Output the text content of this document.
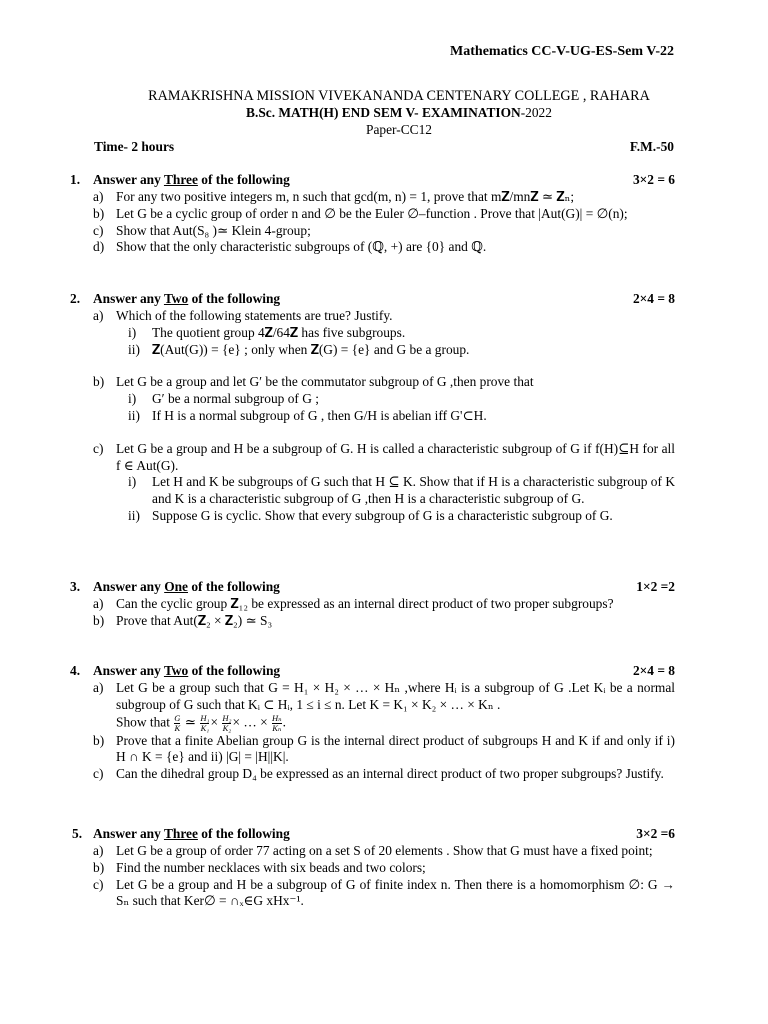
Mathematics CC-V-UG-ES-Sem V-22
RAMAKRISHNA MISSION VIVEKANANDA CENTENARY COLLEGE , RAHARA
B.Sc. MATH(H) END SEM V- EXAMINATION-2022
Paper-CC12
Time- 2 hours	F.M.-50
1. Answer any Three of the following	3×2 = 6
a) For any two positive integers m, n such that gcd(m, n) = 1, prove that m𝐙/mn𝐙 ≃ 𝐙ₙ;
b) Let G be a cyclic group of order n and ∅ be the Euler ∅–function . Prove that |Aut(G)| = ∅(n);
c) Show that Aut(S₈ )≃ Klein 4-group;
d) Show that the only characteristic subgroups of (ℚ, +) are {0} and ℚ.
2. Answer any Two of the following	2×4 = 8
a) Which of the following statements are true? Justify.
i) The quotient group 4𝐙/64𝐙 has five subgroups.
ii) 𝐙(Aut(G)) = {e} ; only when 𝐙(G) = {e} and G be a group.
b) Let G be a group and let G′ be the commutator subgroup of G ,then prove that
i) G′ be a normal subgroup of G ;
ii) If H is a normal subgroup of G , then G/H is abelian iff G'⊂H.
c) Let G be a group and H be a subgroup of G. H is called a characteristic subgroup of G if f(H)⊆H for all f ∈ Aut(G).
i) Let H and K be subgroups of G such that H ⊆ K. Show that if H is a characteristic subgroup of K and K is a characteristic subgroup of G ,then H is a characteristic subgroup of G.
ii) Suppose G is cyclic. Show that every subgroup of G is a characteristic subgroup of G.
3. Answer any One of the following	1×2 =2
a) Can the cyclic group 𝐙₁₂ be expressed as an internal direct product of two proper subgroups?
b) Prove that Aut(𝐙₂ × 𝐙₂) ≃ S₃
4. Answer any Two of the following	2×4 = 8
a) Let G be a group such that G = H₁ × H₂ × … × Hₙ ,where Hᵢ is a subgroup of G .Let Kᵢ be a normal subgroup of G such that Kᵢ ⊂ Hᵢ, 1 ≤ i ≤ n. Let K = K₁ × K₂ × … × Kₙ .
Show that $\frac{G}{K}$ ≃ $\frac{\text{H₁}}{\text{K₁}} \times \frac{\text{H₂}}{\text{K₂}}$ × … × $\frac{\text{Hₙ}}{\text{Kₙ}}$ .
b) Prove that a finite Abelian group G is the internal direct product of subgroups H and K if and only if i) H ∩ K = {e} and ii) |G| = |H||K|.
c) Can the dihedral group D₄ be expressed as an internal direct product of two proper subgroups? Justify.
5. Answer any Three of the following	3×2 =6
a) Let G be a group of order 77 acting on a set S of 20 elements . Show that G must have a fixed point;
b) Find the number necklaces with six beads and two colors;
c) Let G be a group and H be a subgroup of G of finite index n. Then there is a homomorphism ∅: G → Sₙ such that Ker∅ = ∩ₓ∈G xHx⁻¹.
